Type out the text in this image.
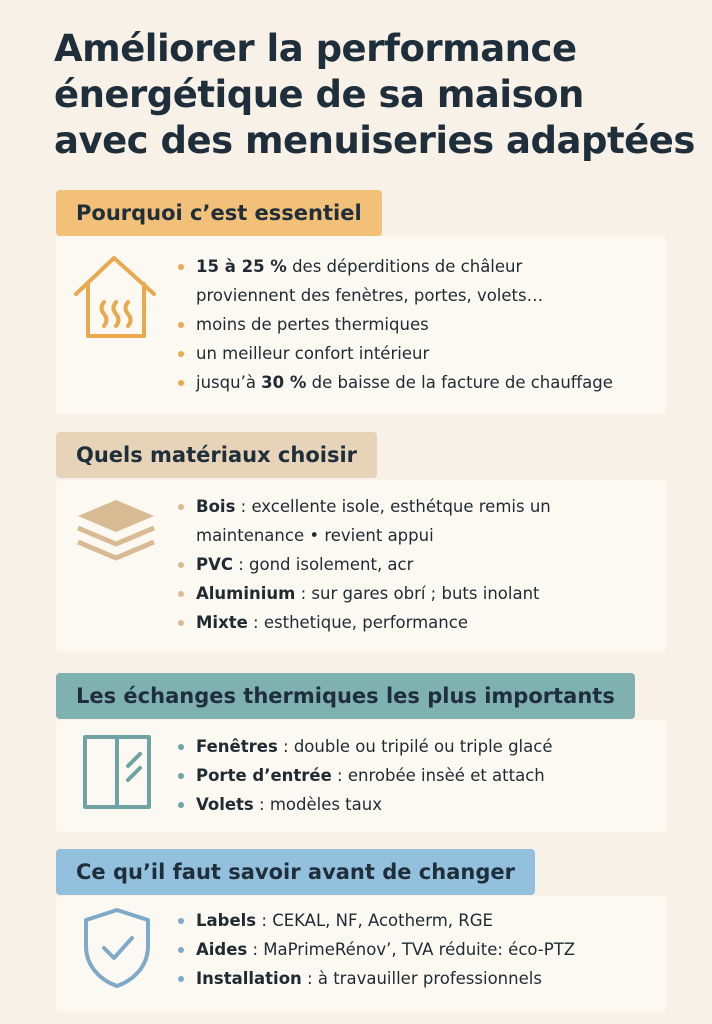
Améliorer la performance
énergétique de sa maison
avec des menuiseries adaptées
Pourquoi c’est essentiel
15 à 25 % des déperditions de châleur
proviennent des fenètres, portes, volets…
moins de pertes thermiques
un meilleur confort intérieur
jusqu’à 30 % de baisse de la facture de chauffage
Quels matériaux choisir
Bois : excellente isole, esthétque remis un
maintenance • revient appui
PVC : gond isolement, acr
Aluminium : sur gares obrí ; buts inolant
Mixte : esthetique, performance
Les échanges thermiques les plus importants
Fenêtres : double ou tripilé ou triple glacé
Porte d’entrée : enrobée insèé et attach
Volets : modèles taux
Ce qu’il faut savoir avant de changer
Labels : CEKAL, NF, Acotherm, RGE
Aides : MaPrimeRénov’, TVA réduite: éco-PTZ
Installation : à travauiller professionnels
